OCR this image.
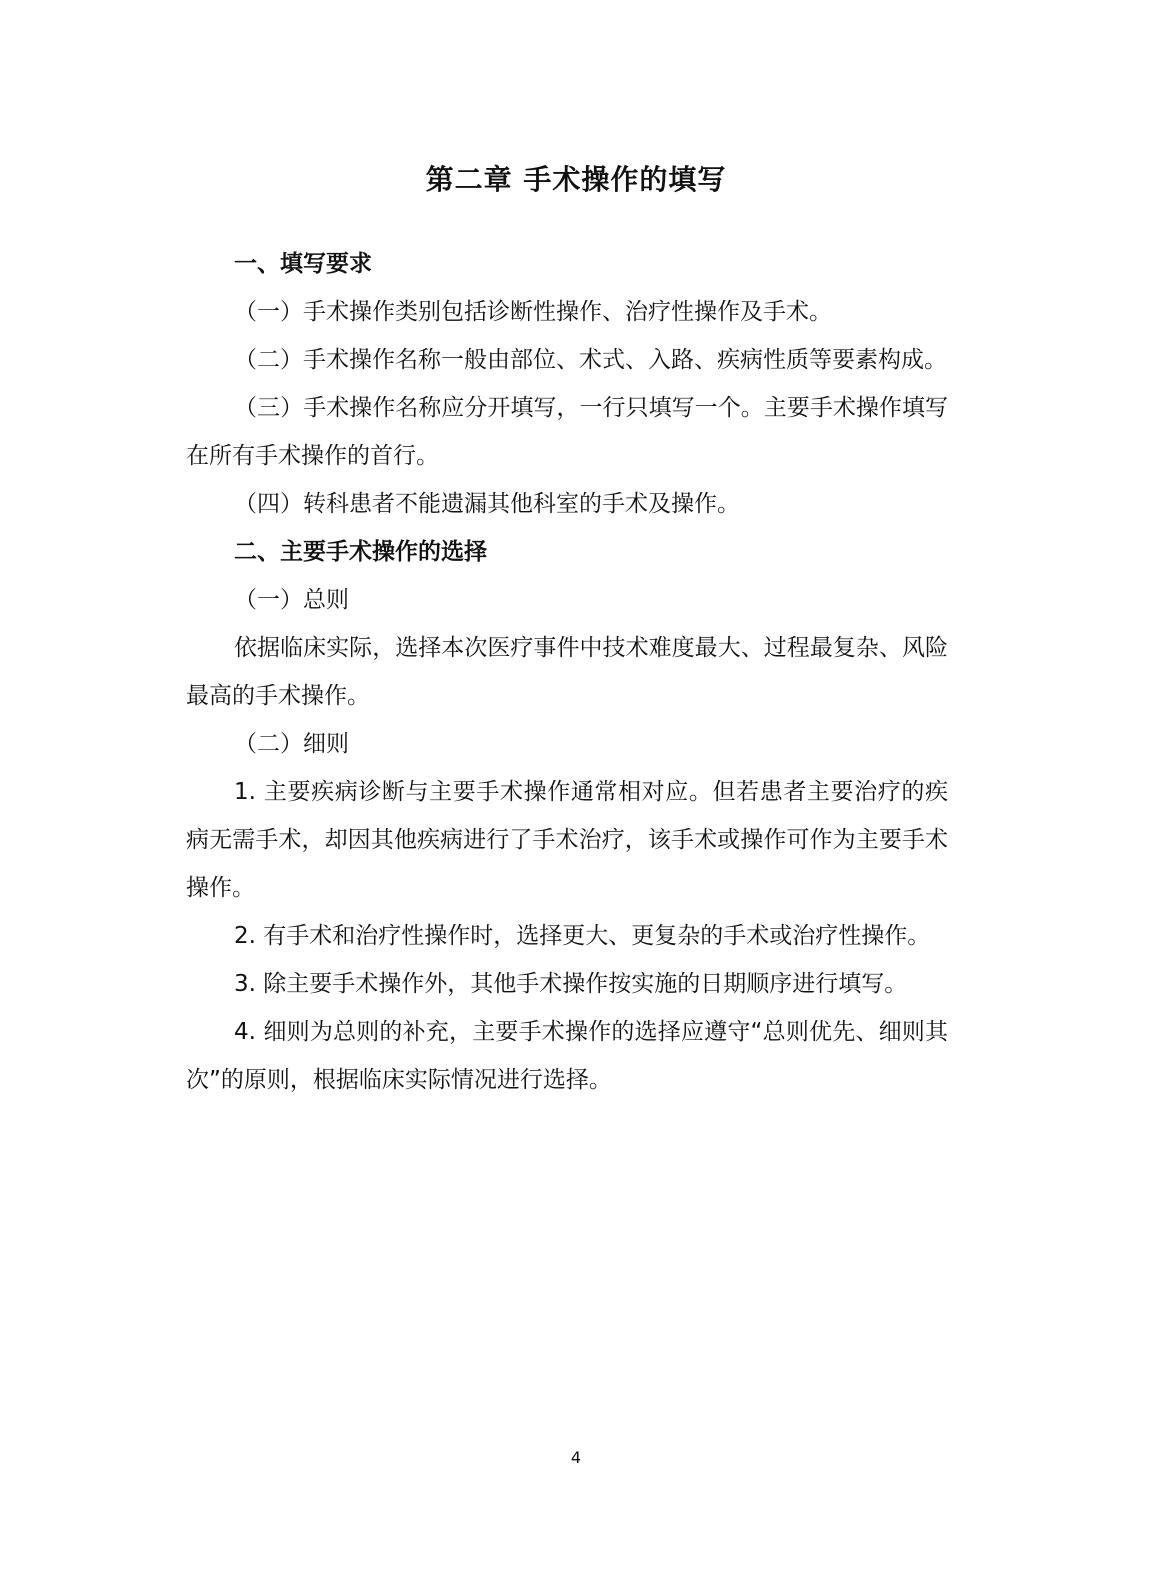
第二章 手术操作的填写

一、填写要求

（一）手术操作类别包括诊断性操作、治疗性操作及手术。

（二）手术操作名称一般由部位、术式、入路、疾病性质等要素构成。

（三）手术操作名称应分开填写，一行只填写一个。主要手术操作填写在所有手术操作的首行。

（四）转科患者不能遗漏其他科室的手术及操作。

二、主要手术操作的选择

（一）总则

依据临床实际，选择本次医疗事件中技术难度最大、过程最复杂、风险最高的手术操作。

（二）细则

1. 主要疾病诊断与主要手术操作通常相对应。但若患者主要治疗的疾病无需手术，却因其他疾病进行了手术治疗，该手术或操作可作为主要手术操作。

2. 有手术和治疗性操作时，选择更大、更复杂的手术或治疗性操作。

3. 除主要手术操作外，其他手术操作按实施的日期顺序进行填写。

4. 细则为总则的补充，主要手术操作的选择应遵守“总则优先、细则其次”的原则，根据临床实际情况进行选择。

4
